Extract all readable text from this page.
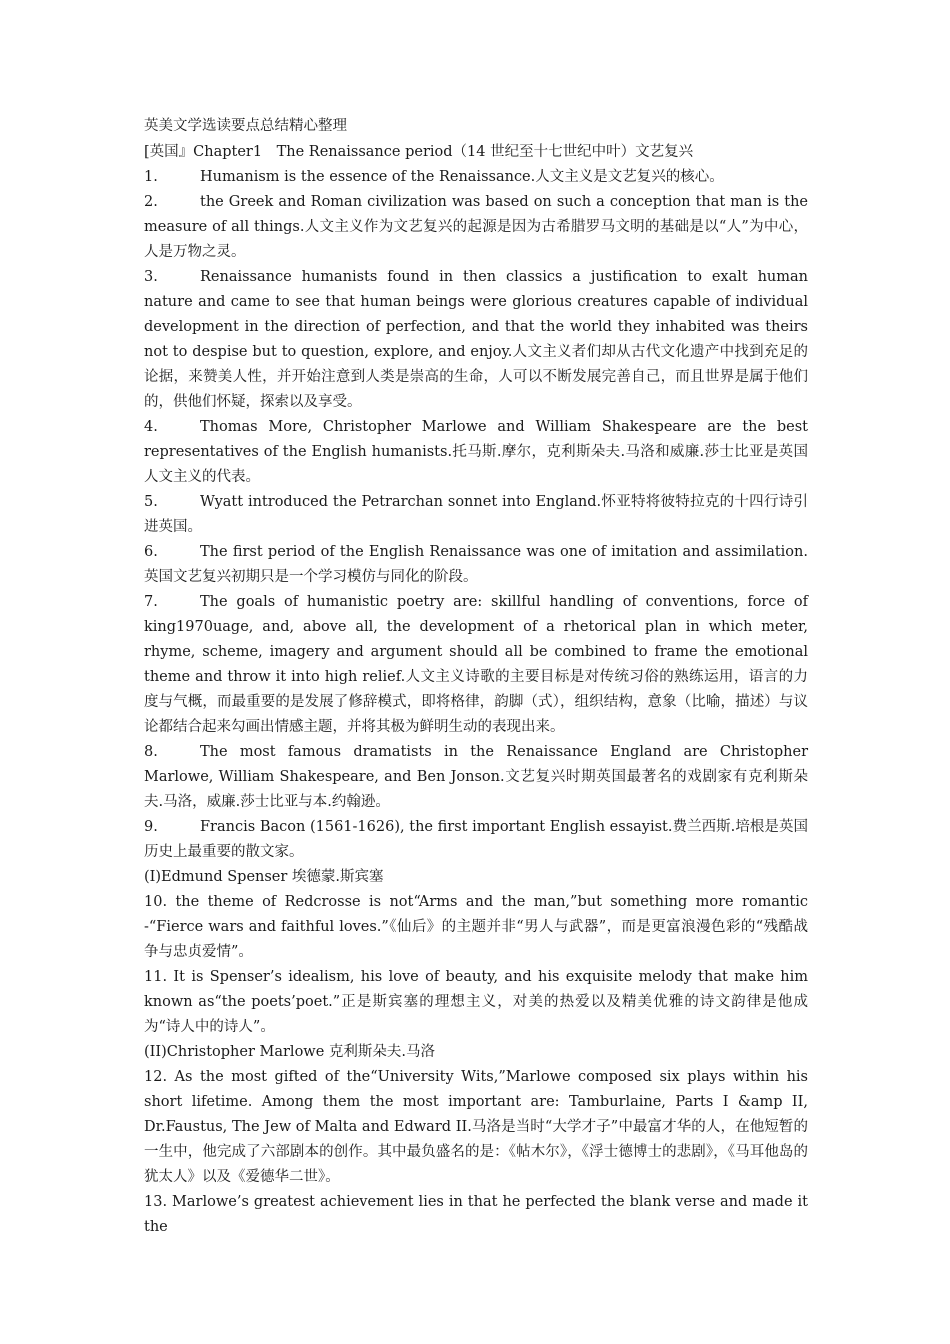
英美文学选读要点总结精心整理

[英国』Chapter1　The Renaissance period（14 世纪至十七世纪中叶）文艺复兴

1.	Humanism is the essence of the Renaissance.人文主义是文艺复兴的核心。

2.	the Greek and Roman civilization was based on such a conception that man is the measure of all things.人文主义作为文艺复兴的起源是因为古希腊罗马文明的基础是以“人”为中心，人是万物之灵。

3.	Renaissance humanists found in then classics a justification to exalt human nature and came to see that human beings were glorious creatures capable of individual development in the direction of perfection, and that the world they inhabited was theirs not to despise but to question, explore, and enjoy.人文主义者们却从古代文化遗产中找到充足的论据，来赞美人性，并开始注意到人类是崇高的生命，人可以不断发展完善自己，而且世界是属于他们的，供他们怀疑，探索以及享受。

4.	Thomas More, Christopher Marlowe and William Shakespeare are the best representatives of the English humanists.托马斯.摩尔，克利斯朵夫.马洛和威廉.莎士比亚是英国人文主义的代表。

5.	Wyatt introduced the Petrarchan sonnet into England.怀亚特将彼特拉克的十四行诗引进英国。

6.	The first period of the English Renaissance was one of imitation and assimilation.英国文艺复兴初期只是一个学习模仿与同化的阶段。

7.	The goals of humanistic poetry are: skillful handling of conventions, force of king1970uage, and, above all, the development of a rhetorical plan in which meter, rhyme, scheme, imagery and argument should all be combined to frame the emotional theme and throw it into high relief.人文主义诗歌的主要目标是对传统习俗的熟练运用，语言的力度与气概，而最重要的是发展了修辞模式，即将格律，韵脚（式），组织结构，意象（比喻，描述）与议论都结合起来勾画出情感主题，并将其极为鲜明生动的表现出来。

8.	The most famous dramatists in the Renaissance England are Christopher Marlowe, William Shakespeare, and Ben Jonson.文艺复兴时期英国最著名的戏剧家有克利斯朵夫.马洛，威廉.莎士比亚与本.约翰逊。

9.	Francis Bacon (1561-1626), the first important English essayist.费兰西斯.培根是英国历史上最重要的散文家。

(I)Edmund Spenser 埃德蒙.斯宾塞

10. the theme of Redcrosse is not“Arms and the man,”but something more romantic -“Fierce wars and faithful loves.”《仙后》的主题并非“男人与武器”，而是更富浪漫色彩的“残酷战争与忠贞爱情”。

11. It is Spenser’s idealism, his love of beauty, and his exquisite melody that make him known as“the poets’poet.”正是斯宾塞的理想主义，对美的热爱以及精美优雅的诗文韵律是他成为“诗人中的诗人”。

(II)Christopher Marlowe 克利斯朵夫.马洛

12. As the most gifted of the“University Wits,”Marlowe composed six plays within his short lifetime. Among them the most important are: Tamburlaine, Parts I &amp II, Dr.Faustus, The Jew of Malta and Edward II.马洛是当时“大学才子”中最富才华的人，在他短暂的一生中，他完成了六部剧本的创作。其中最负盛名的是：《帖木尔》，《浮士德博士的悲剧》，《马耳他岛的犹太人》以及《爱德华二世》。

13. Marlowe’s greatest achievement lies in that he perfected the blank verse and made it the
